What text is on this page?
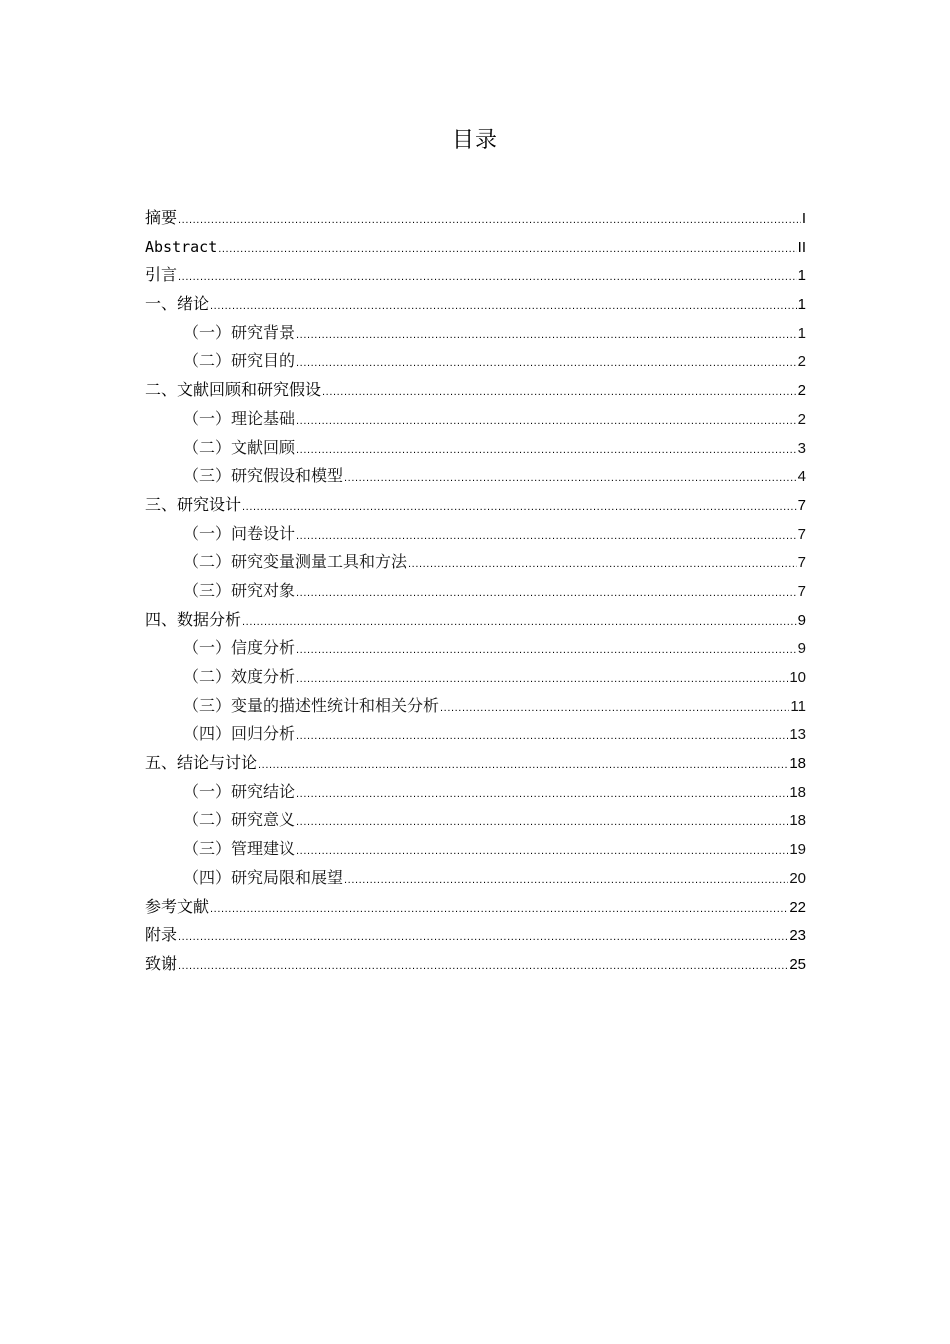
目录
摘要 .....	I
Abstract .....	II
引言 .....	1
一、绪论 .....	1
（一）研究背景 .....	1
（二）研究目的 .....	2
二、文献回顾和研究假设 .....	2
（一）理论基础 .....	2
（二）文献回顾 .....	3
（三）研究假设和模型 .....	4
三、研究设计 .....	7
（一）问卷设计 .....	7
（二）研究变量测量工具和方法 .....	7
（三）研究对象 .....	7
四、数据分析 .....	9
（一）信度分析 .....	9
（二）效度分析 .....	10
（三）变量的描述性统计和相关分析 .....	11
（四）回归分析 .....	13
五、结论与讨论 .....	18
（一）研究结论 .....	18
（二）研究意义 .....	18
（三）管理建议 .....	19
（四）研究局限和展望 .....	20
参考文献 .....	22
附录 .....	23
致谢 .....	25
